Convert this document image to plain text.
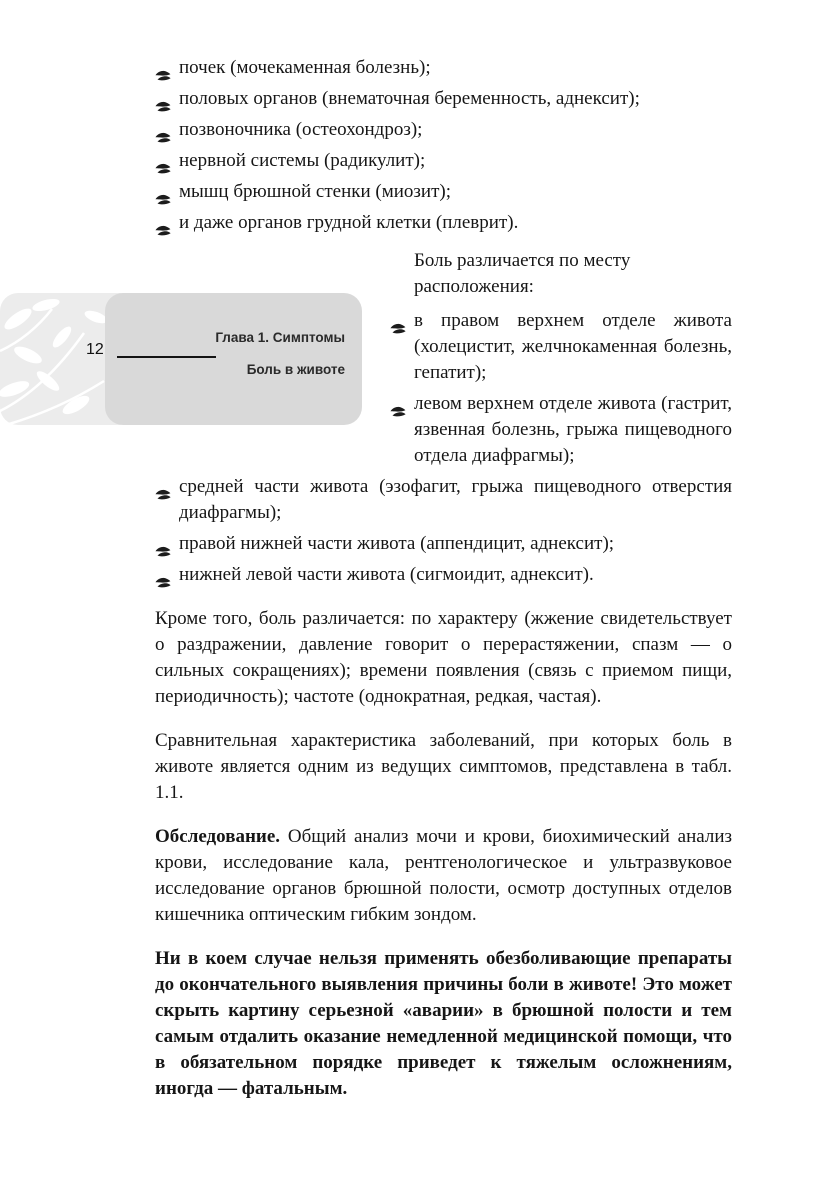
12
Глава 1. Симптомы
Боль в животе
почек (мочекаменная болезнь);
половых органов (внематочная беременность, аднексит);
позвоночника (остеохондроз);
нервной системы (радикулит);
мышц брюшной стенки (миозит);
и даже органов грудной клетки (плеврит).

Боль различается по месту расположения:

в правом верхнем отделе живота (холецистит, желчнокаменная болезнь, гепатит);
левом верхнем отделе живота (гастрит, язвенная болезнь, грыжа пищеводного отдела диафрагмы);
средней части живота (эзофагит, грыжа пищеводного отверстия диафрагмы);
правой нижней части живота (аппендицит, аднексит);
нижней левой части живота (сигмоидит, аднексит).

Кроме того, боль различается: по характеру (жжение свидетельствует о раздражении, давление говорит о перерастяжении, спазм — о сильных сокращениях); времени появления (связь с приемом пищи, периодичность); частоте (однократная, редкая, частая).

Сравнительная характеристика заболеваний, при которых боль в животе является одним из ведущих симптомов, представлена в табл. 1.1.

Обследование. Общий анализ мочи и крови, биохимический анализ крови, исследование кала, рентгенологическое и ультразвуковое исследование органов брюшной полости, осмотр доступных отделов кишечника оптическим гибким зондом.

Ни в коем случае нельзя применять обезболивающие препараты до окончательного выявления причины боли в животе! Это может скрыть картину серьезной «аварии» в брюшной полости и тем самым отдалить оказание немедленной медицинской помощи, что в обязательном порядке приведет к тяжелым осложнениям, иногда — фатальным.
